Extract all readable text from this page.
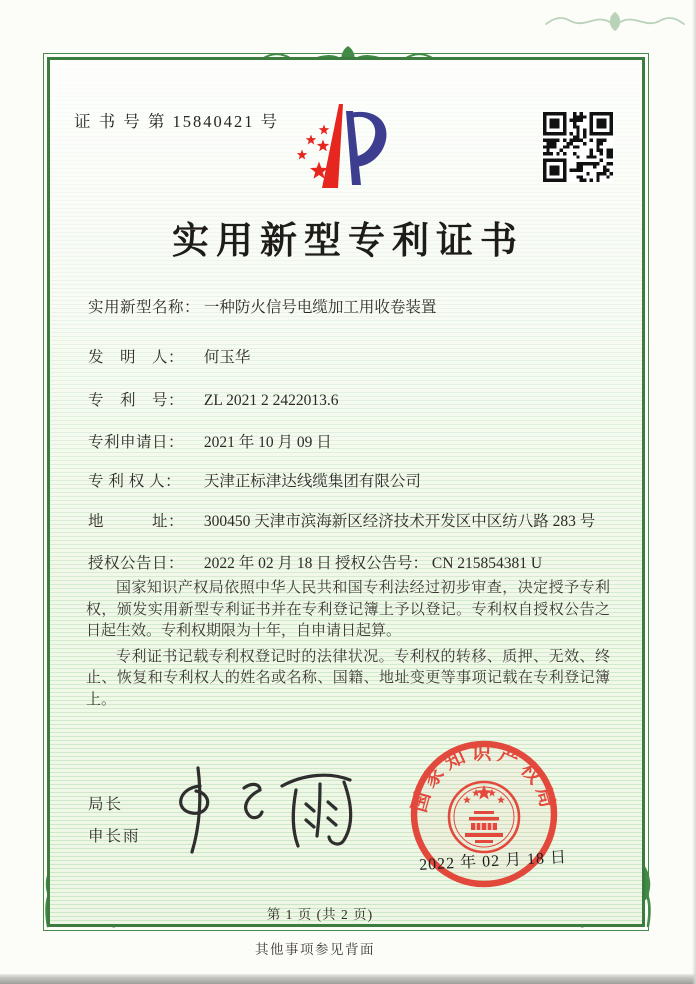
证 书 号 第 15840421 号
实用新型专利证书
实用新型名称： 一种防火信号电缆加工用收卷装置
发　明　人： 何玉华
专　利　号： ZL 2021 2 2422013.6
专利申请日： 2021 年 10 月 09 日
专 利 权 人： 天津正标津达线缆集团有限公司
地　　　址： 300450 天津市滨海新区经济技术开发区中区纺八路 283 号
授权公告日： 2022 年 02 月 18 日 授权公告号： CN 215854381 U

国家知识产权局依照中华人民共和国专利法经过初步审查，决定授予专利权，颁发实用新型专利证书并在专利登记簿上予以登记。专利权自授权公告之日起生效。专利权期限为十年，自申请日起算。

专利证书记载专利权登记时的法律状况。专利权的转移、质押、无效、终止、恢复和专利权人的姓名或名称、国籍、地址变更等事项记载在专利登记簿上。

局长
申长雨
国家知识产权局
2022 年 02 月 18 日
第 1 页 (共 2 页)
其他事项参见背面
